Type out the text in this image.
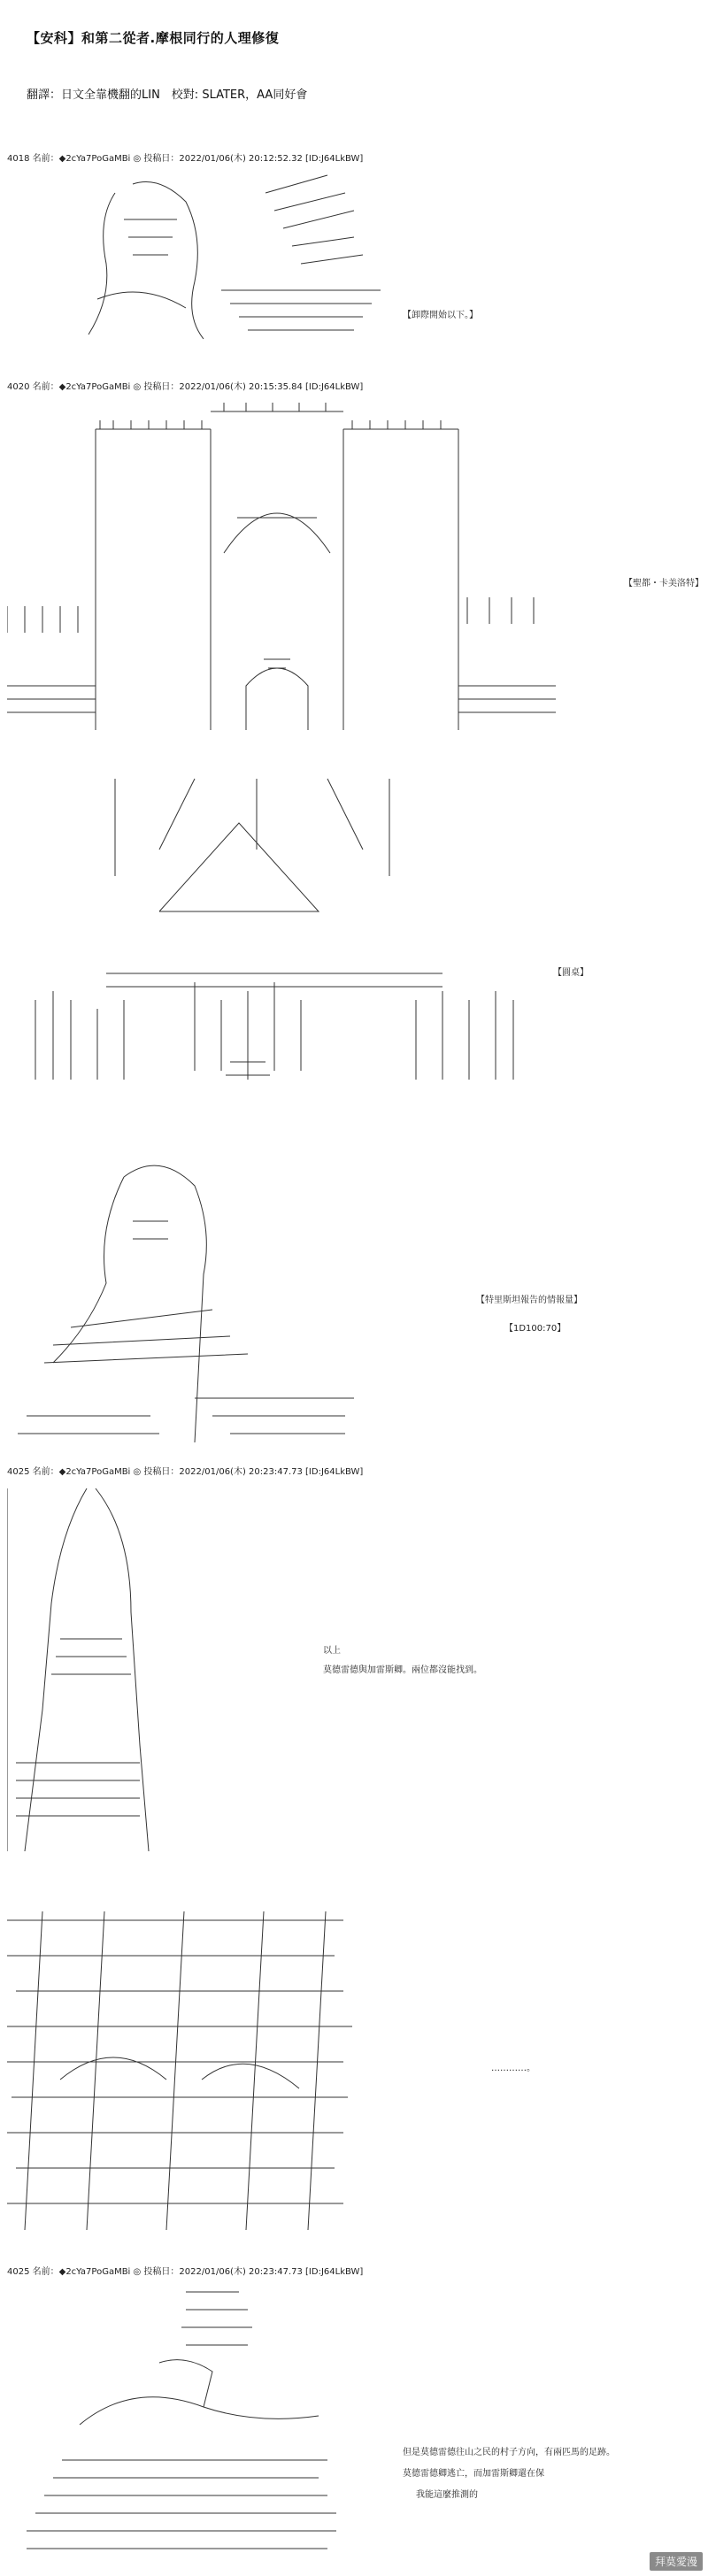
【安科】和第二從者.摩根同行的人理修復
翻譯：日文全靠機翻的LIN　校對: SLATER，AA同好會
4018 名前：◆2cYa7PoGaMBi ◎ 投稿日：2022/01/06(木) 20:12:52.32 [ID:J64LkBW]
【卸際開始以下。】
4020 名前：◆2cYa7PoGaMBi ◎ 投稿日：2022/01/06(木) 20:15:35.84 [ID:J64LkBW]
【聖都・卡美洛特】
【圓桌】
【特里斯坦報告的情報量】
【1D100:70】
4025 名前：◆2cYa7PoGaMBi ◎ 投稿日：2022/01/06(木) 20:23:47.73 [ID:J64LkBW]
以上
莫德雷德與加雷斯卿。兩位都沒能找到。
…………。
4025 名前：◆2cYa7PoGaMBi ◎ 投稿日：2022/01/06(木) 20:23:47.73 [ID:J64LkBW]
但是莫德雷德往山之民的村子方向，有兩匹馬的足跡。
莫德雷德卿逃亡，而加雷斯卿還在保
我能這麼推測的
拜莫愛漫
